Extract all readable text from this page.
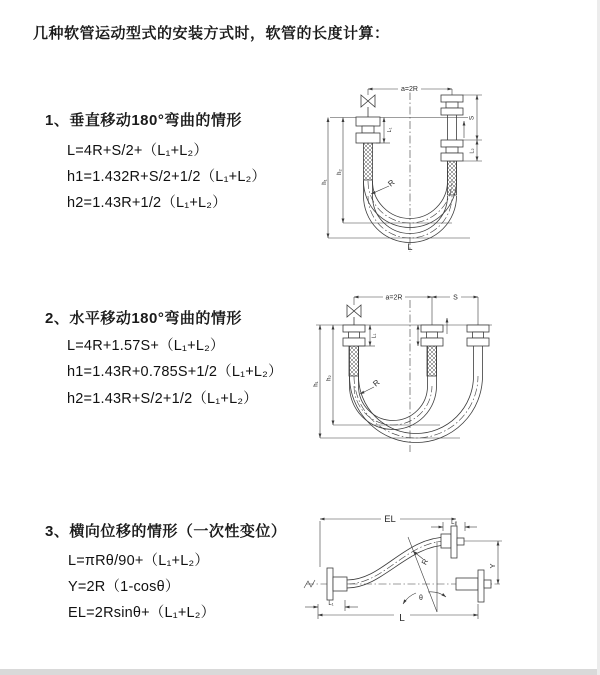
几种软管运动型式的安装方式时，软管的长度计算：
1、垂直移动180°弯曲的情形
L=4R+S/2+（L₁+L₂）
h1=1.432R+S/2+1/2（L₁+L₂）
h2=1.43R+1/2（L₁+L₂）
2、水平移动180°弯曲的情形
L=4R+1.57S+（L₁+L₂）
h1=1.43R+0.785S+1/2（L₁+L₂）
h2=1.43R+S/2+1/2（L₁+L₂）
3、横向位移的情形（一次性变位）
L=πRθ/90+（L₁+L₂）
Y=2R（1-cosθ）
EL=2Rsinθ+（L₁+L₂）
a=2R
h₁
h₂
L₁
S
L₂
R
L
a=2R	S
h₁
h₂
L₁
R
EL	L₂
Y
R
θ
L₁
L
